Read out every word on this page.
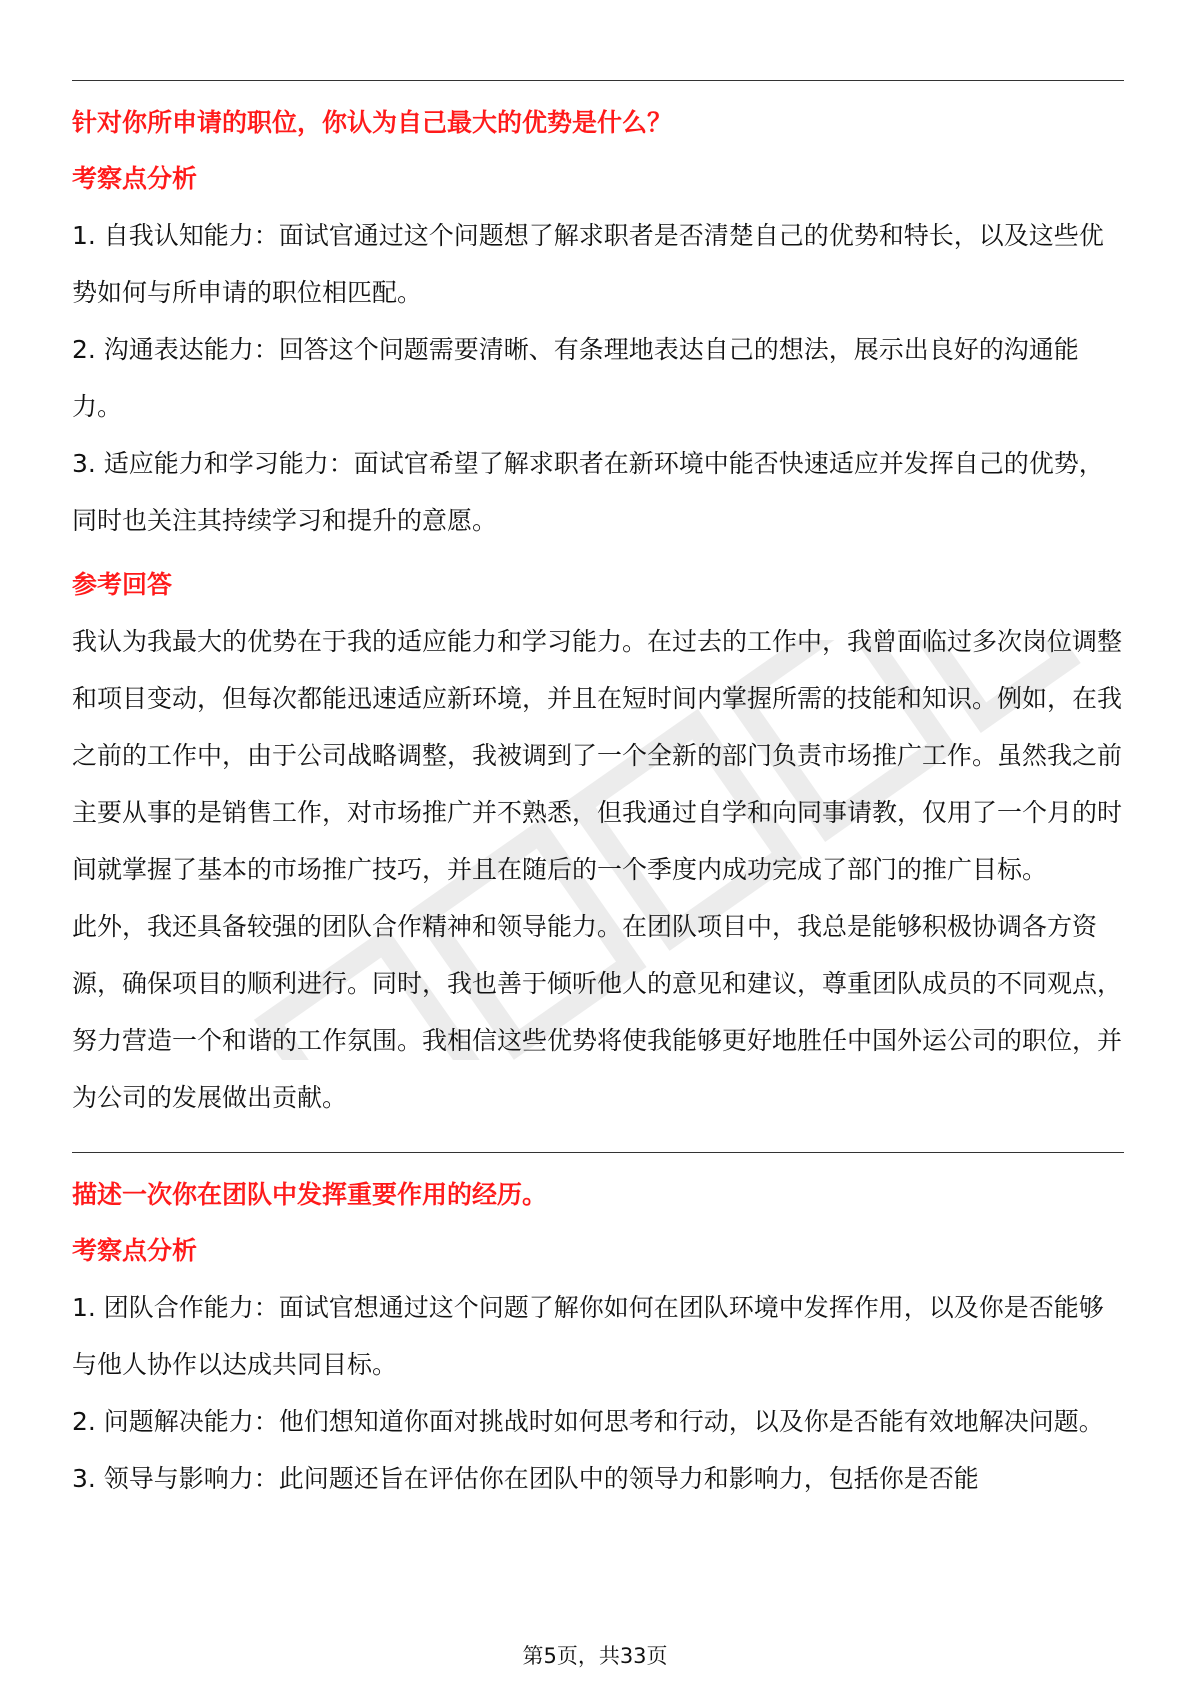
针对你所申请的职位，你认为自己最大的优势是什么？
考察点分析

1. 自我认知能力：面试官通过这个问题想了解求职者是否清楚自己的优势和特长，以及这些优势如何与所申请的职位相匹配。

2. 沟通表达能力：回答这个问题需要清晰、有条理地表达自己的想法，展示出良好的沟通能力。

3. 适应能力和学习能力：面试官希望了解求职者在新环境中能否快速适应并发挥自己的优势，同时也关注其持续学习和提升的意愿。

参考回答

我认为我最大的优势在于我的适应能力和学习能力。在过去的工作中，我曾面临过多次岗位调整和项目变动，但每次都能迅速适应新环境，并且在短时间内掌握所需的技能和知识。例如，在我之前的工作中，由于公司战略调整，我被调到了一个全新的部门负责市场推广工作。虽然我之前主要从事的是销售工作，对市场推广并不熟悉，但我通过自学和向同事请教，仅用了一个月的时间就掌握了基本的市场推广技巧，并且在随后的一个季度内成功完成了部门的推广目标。

此外，我还具备较强的团队合作精神和领导能力。在团队项目中，我总是能够积极协调各方资源，确保项目的顺利进行。同时，我也善于倾听他人的意见和建议，尊重团队成员的不同观点，努力营造一个和谐的工作氛围。我相信这些优势将使我能够更好地胜任中国外运公司的职位，并为公司的发展做出贡献。

描述一次你在团队中发挥重要作用的经历。
考察点分析

1. 团队合作能力：面试官想通过这个问题了解你如何在团队环境中发挥作用，以及你是否能够与他人协作以达成共同目标。

2. 问题解决能力：他们想知道你面对挑战时如何思考和行动，以及你是否能有效地解决问题。

3. 领导与影响力：此问题还旨在评估你在团队中的领导力和影响力，包括你是否能

第5页，共33页
